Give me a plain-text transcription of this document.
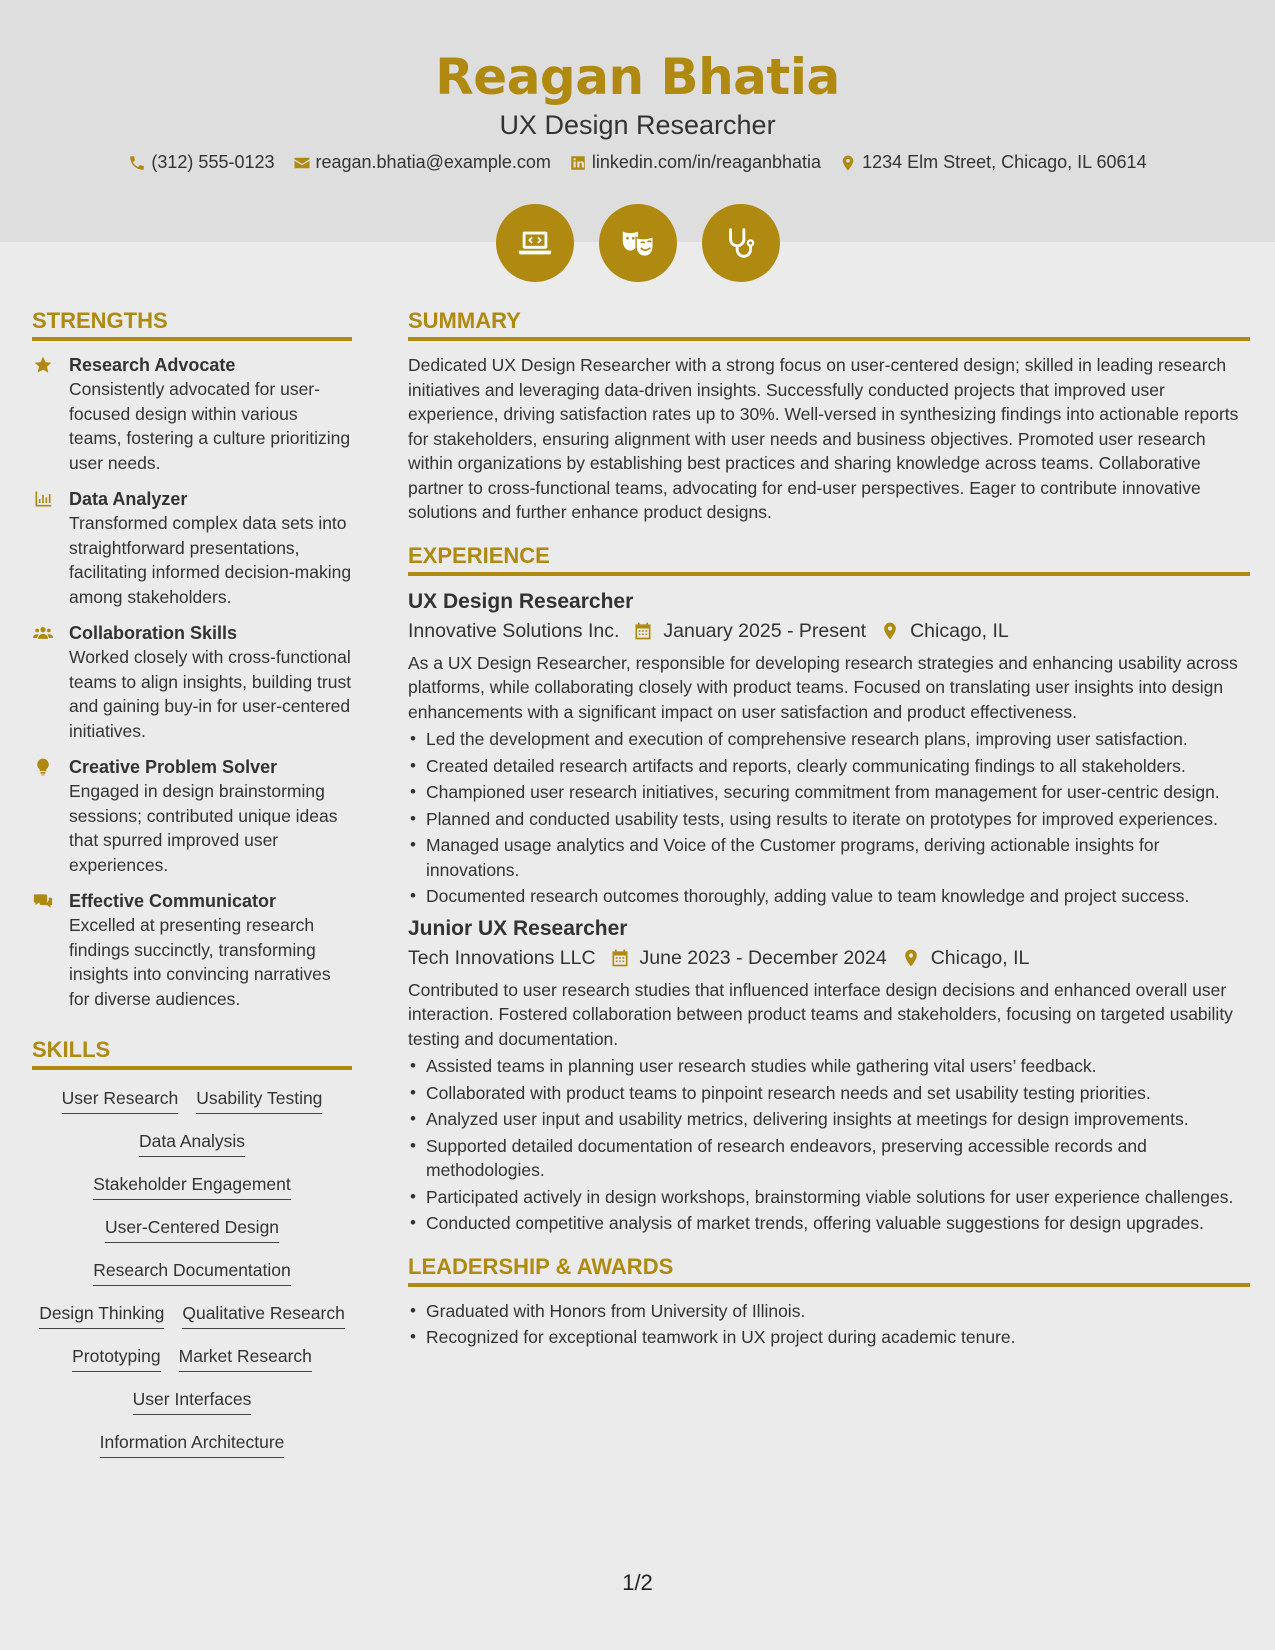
Reagan Bhatia
UX Design Researcher
(312) 555-0123 reagan.bhatia@example.com linkedin.com/in/reaganbhatia 1234 Elm Street, Chicago, IL 60614
STRENGTHS
Research Advocate
Consistently advocated for user-focused design within various teams, fostering a culture prioritizing user needs.
Data Analyzer
Transformed complex data sets into straightforward presentations, facilitating informed decision-making among stakeholders.
Collaboration Skills
Worked closely with cross-functional teams to align insights, building trust and gaining buy-in for user-centered initiatives.
Creative Problem Solver
Engaged in design brainstorming sessions; contributed unique ideas that spurred improved user experiences.
Effective Communicator
Excelled at presenting research findings succinctly, transforming insights into convincing narratives for diverse audiences.
SKILLS
User Research Usability Testing
Data Analysis
Stakeholder Engagement
User-Centered Design
Research Documentation
Design Thinking Qualitative Research
Prototyping Market Research
User Interfaces
Information Architecture
SUMMARY
Dedicated UX Design Researcher with a strong focus on user-centered design; skilled in leading research initiatives and leveraging data-driven insights. Successfully conducted projects that improved user experience, driving satisfaction rates up to 30%. Well-versed in synthesizing findings into actionable reports for stakeholders, ensuring alignment with user needs and business objectives. Promoted user research within organizations by establishing best practices and sharing knowledge across teams. Collaborative partner to cross-functional teams, advocating for end-user perspectives. Eager to contribute innovative solutions and further enhance product designs.
EXPERIENCE
UX Design Researcher
Innovative Solutions Inc. January 2025 - Present Chicago, IL
As a UX Design Researcher, responsible for developing research strategies and enhancing usability across platforms, while collaborating closely with product teams. Focused on translating user insights into design enhancements with a significant impact on user satisfaction and product effectiveness.
• Led the development and execution of comprehensive research plans, improving user satisfaction.
• Created detailed research artifacts and reports, clearly communicating findings to all stakeholders.
• Championed user research initiatives, securing commitment from management for user-centric design.
• Planned and conducted usability tests, using results to iterate on prototypes for improved experiences.
• Managed usage analytics and Voice of the Customer programs, deriving actionable insights for innovations.
• Documented research outcomes thoroughly, adding value to team knowledge and project success.
Junior UX Researcher
Tech Innovations LLC June 2023 - December 2024 Chicago, IL
Contributed to user research studies that influenced interface design decisions and enhanced overall user interaction. Fostered collaboration between product teams and stakeholders, focusing on targeted usability testing and documentation.
• Assisted teams in planning user research studies while gathering vital users’ feedback.
• Collaborated with product teams to pinpoint research needs and set usability testing priorities.
• Analyzed user input and usability metrics, delivering insights at meetings for design improvements.
• Supported detailed documentation of research endeavors, preserving accessible records and methodologies.
• Participated actively in design workshops, brainstorming viable solutions for user experience challenges.
• Conducted competitive analysis of market trends, offering valuable suggestions for design upgrades.
LEADERSHIP & AWARDS
• Graduated with Honors from University of Illinois.
• Recognized for exceptional teamwork in UX project during academic tenure.
1/2
